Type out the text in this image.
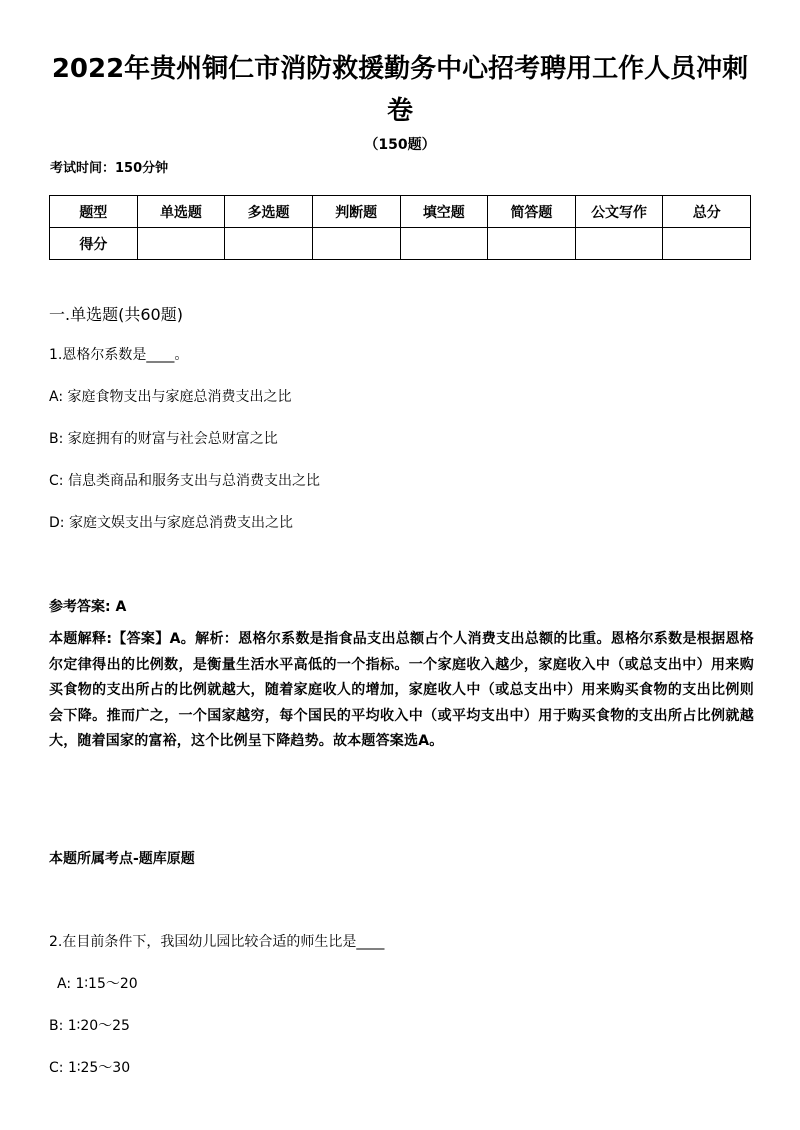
2022年贵州铜仁市消防救援勤务中心招考聘用工作人员冲刺卷
（150题）
考试时间：150分钟
题型	单选题	多选题	判断题	填空题	简答题	公文写作	总分
得分							
一.单选题(共60题)
1.恩格尔系数是____。
A: 家庭食物支出与家庭总消费支出之比
B: 家庭拥有的财富与社会总财富之比
C: 信息类商品和服务支出与总消费支出之比
D: 家庭文娱支出与家庭总消费支出之比
参考答案: A
本题解释:【答案】A。解析：恩格尔系数是指食品支出总额占个人消费支出总额的比重。恩格尔系数是根据恩格尔定律得出的比例数，是衡量生活水平高低的一个指标。一个家庭收入越少，家庭收入中（或总支出中）用来购买食物的支出所占的比例就越大，随着家庭收人的增加，家庭收人中（或总支出中）用来购买食物的支出比例则会下降。推而广之，一个国家越穷，每个国民的平均收入中（或平均支出中）用于购买食物的支出所占比例就越大，随着国家的富裕，这个比例呈下降趋势。故本题答案选A。
本题所属考点-题库原题
2.在目前条件下，我国幼儿园比较合适的师生比是____
A: 1∶15～20
B: 1∶20～25
C: 1∶25～30
